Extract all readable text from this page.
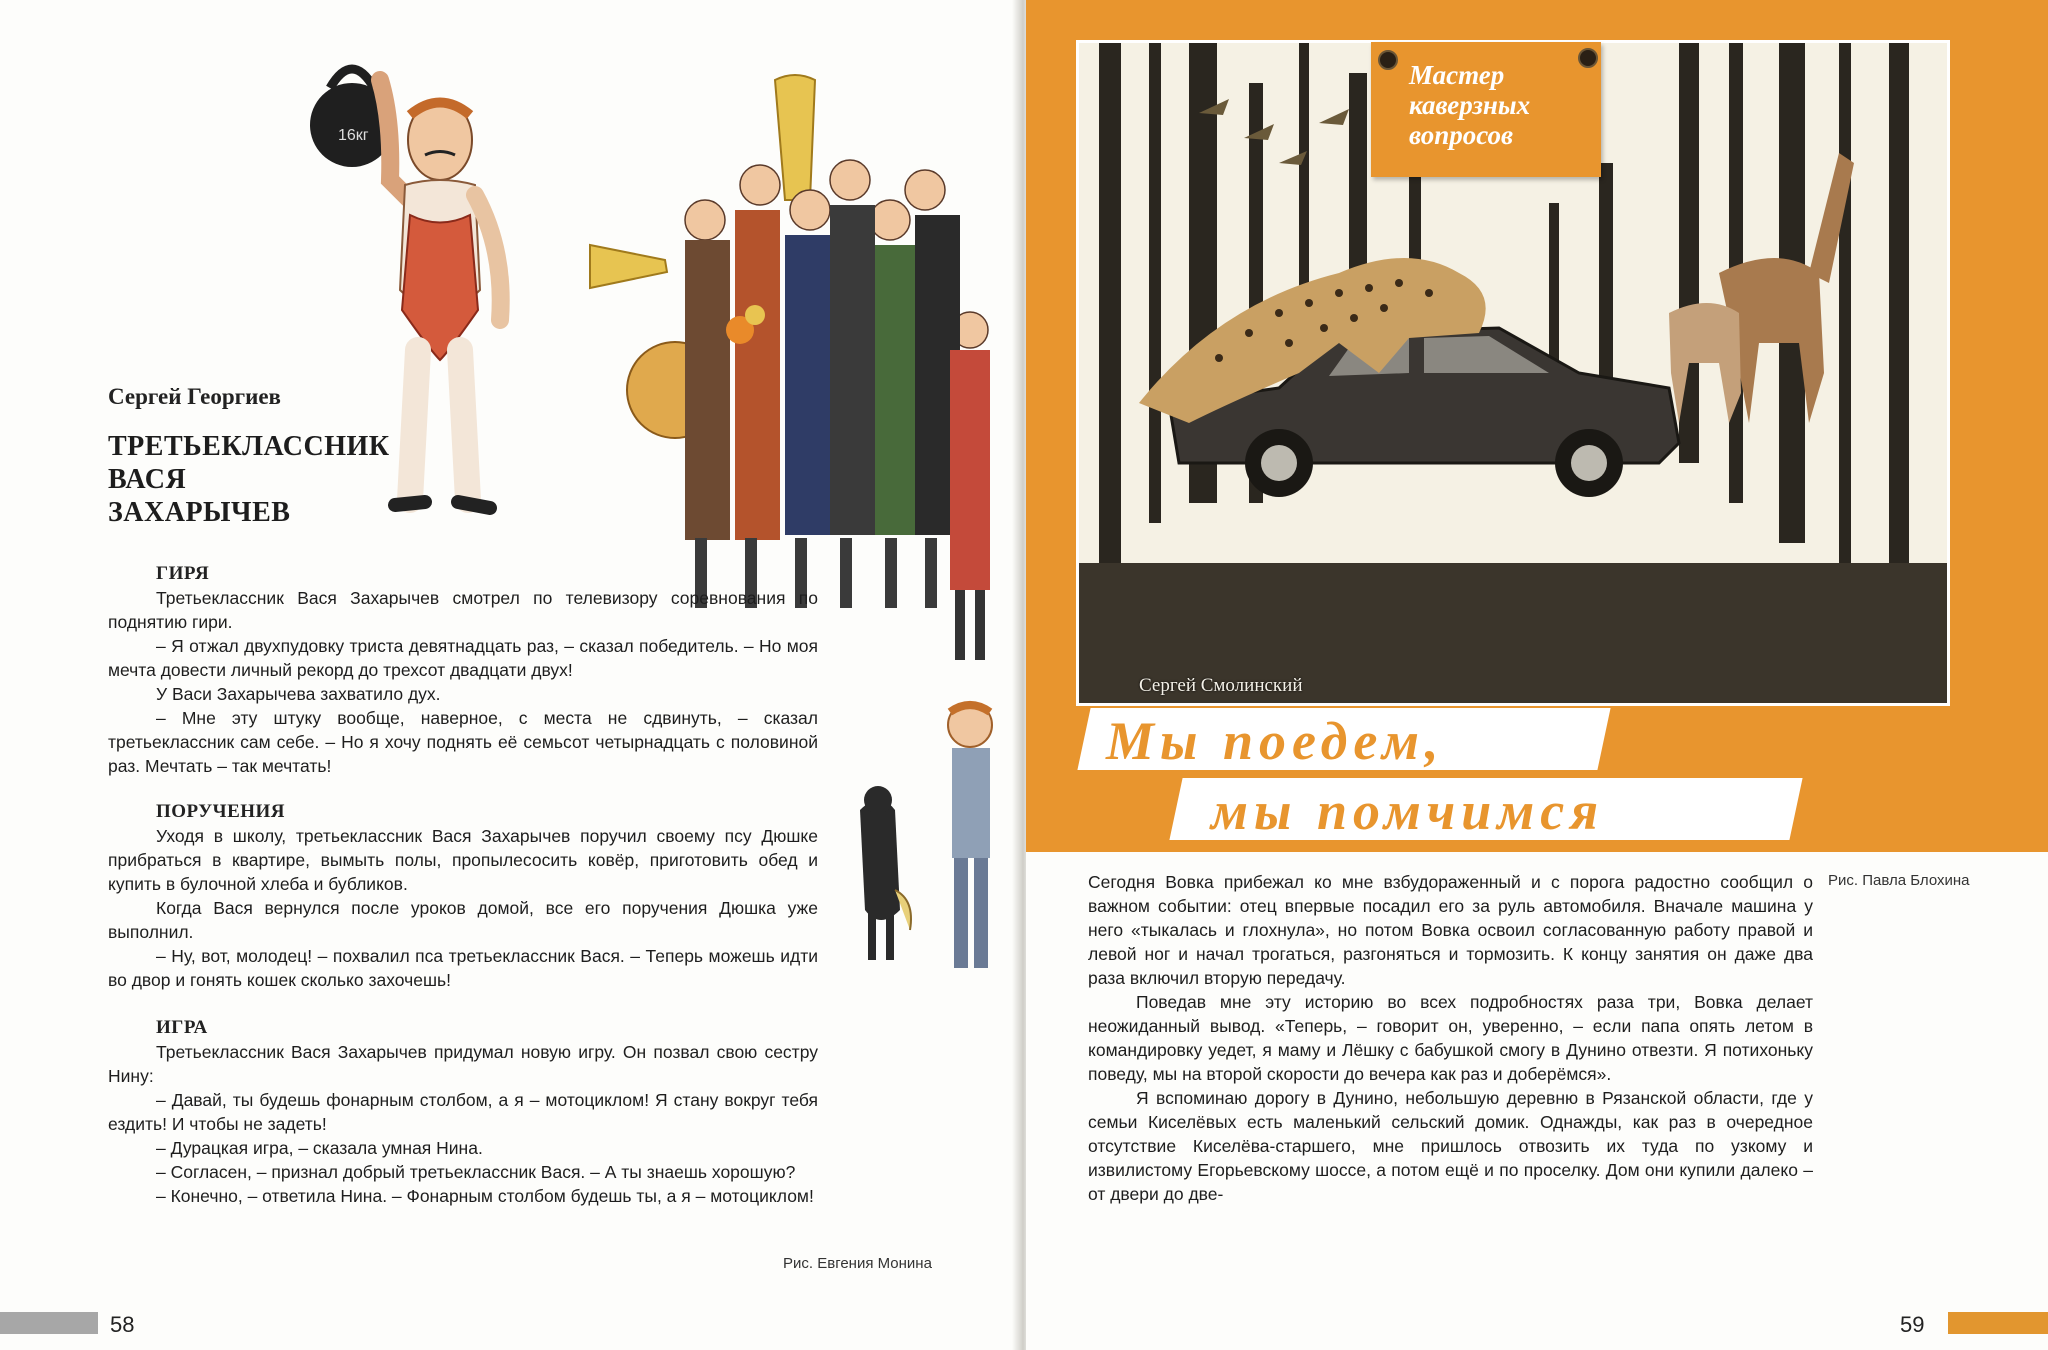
16кг
Сергей Георгиев
ТРЕТЬЕКЛАССНИК
ВАСЯ
ЗАХАРЫЧЕВ
ГИРЯ

Третьеклассник Вася Захарычев смотрел по телевизору соревнования по поднятию гири.

– Я отжал двухпудовку триста девятнадцать раз, – сказал победитель. – Но моя мечта довести личный рекорд до трехсот двадцати двух!

У Васи Захарычева захватило дух.

– Мне эту штуку вообще, наверное, с места не сдвинуть, – сказал третьеклассник сам себе. – Но я хочу поднять её семьсот четырнадцать с половиной раз. Мечтать – так мечтать!

ПОРУЧЕНИЯ

Уходя в школу, третьеклассник Вася Захарычев поручил своему псу Дюшке прибраться в квартире, вымыть полы, пропылесосить ковёр, приготовить обед и купить в булочной хлеба и бубликов.

Когда Вася вернулся после уроков домой, все его поручения Дюшка уже выполнил.

– Ну, вот, молодец! – похвалил пса третьеклассник Вася. – Теперь можешь идти во двор и гонять кошек сколько захочешь!

ИГРА

Третьеклассник Вася Захарычев придумал новую игру. Он позвал свою сестру Нину:

– Давай, ты будешь фонарным столбом, а я – мотоциклом! Я стану вокруг тебя ездить! И чтобы не задеть!

– Дурацкая игра, – сказала умная Нина.

– Согласен, – признал добрый третьеклассник Вася. – А ты знаешь хорошую?

– Конечно, – ответила Нина. – Фонарным столбом будешь ты, а я – мотоциклом!

Рис. Евгения Монина
58
Сергей Смолинский
Мастер
каверзных
вопросов
Мы поедем,
мы помчимся

Сегодня Вовка прибежал ко мне взбудораженный и с порога радостно сообщил о важном событии: отец впервые посадил его за руль автомобиля. Вначале машина у него «тыкалась и глохнула», но потом Вовка освоил согласованную работу правой и левой ног и начал трогаться, разгоняться и тормозить. К концу занятия он даже два раза включил вторую передачу.

Поведав мне эту историю во всех подробностях раза три, Вовка делает неожиданный вывод. «Теперь, – говорит он, уверенно, – если папа опять летом в командировку уедет, я маму и Лёшку с бабушкой смогу в Дунино отвезти. Я потихоньку поведу, мы на второй скорости до вечера как раз и доберёмся».

Я вспоминаю дорогу в Дунино, небольшую деревню в Рязанской области, где у семьи Киселёвых есть маленький сельский домик. Однажды, как раз в очередное отсутствие Киселёва-старшего, мне пришлось отвозить их туда по узкому и извилистому Егорьевскому шоссе, а потом ещё и по проселку. Дом они купили далеко – от двери до две-

Рис. Павла Блохина
59
